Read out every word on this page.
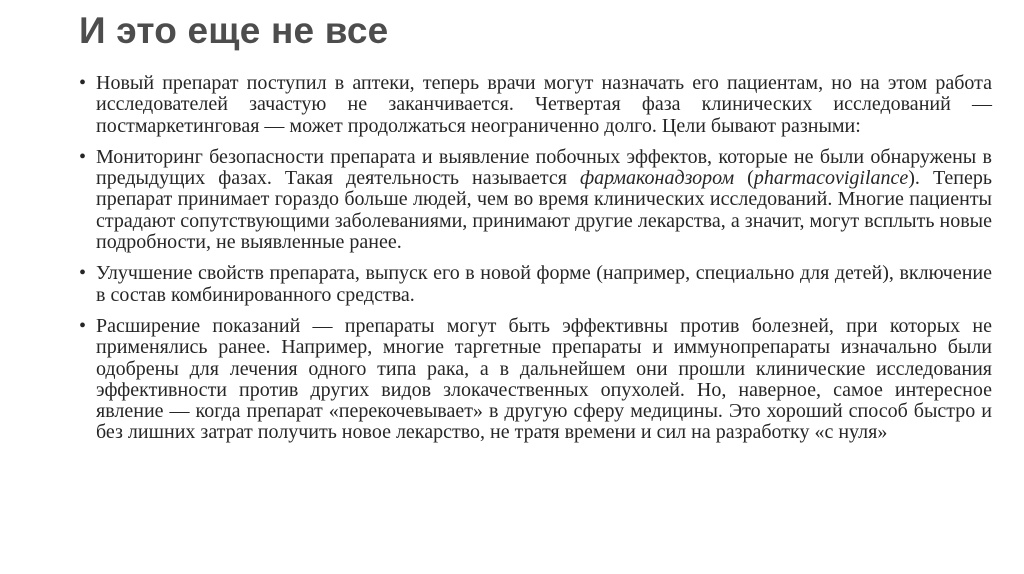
И это еще не все
• Новый препарат поступил в аптеки, теперь врачи могут назначать его пациентам, но на этом работа исследователей зачастую не заканчивается. Четвертая фаза клинических исследований — постмаркетинговая — может продолжаться неограниченно долго. Цели бывают разными:
• Мониторинг безопасности препарата и выявление побочных эффектов, которые не были обнаружены в предыдущих фазах. Такая деятельность называется фармаконадзором (pharmacovigilance). Теперь препарат принимает гораздо больше людей, чем во время клинических исследований. Многие пациенты страдают сопутствующими заболеваниями, принимают другие лекарства, а значит, могут всплыть новые подробности, не выявленные ранее.
• Улучшение свойств препарата, выпуск его в новой форме (например, специально для детей), включение в состав комбинированного средства.
• Расширение показаний — препараты могут быть эффективны против болезней, при которых не применялись ранее. Например, многие таргетные препараты и иммунопрепараты изначально были одобрены для лечения одного типа рака, а в дальнейшем они прошли клинические исследования эффективности против других видов злокачественных опухолей. Но, наверное, самое интересное явление — когда препарат «перекочевывает» в другую сферу медицины. Это хороший способ быстро и без лишних затрат получить новое лекарство, не тратя времени и сил на разработку «с нуля»
